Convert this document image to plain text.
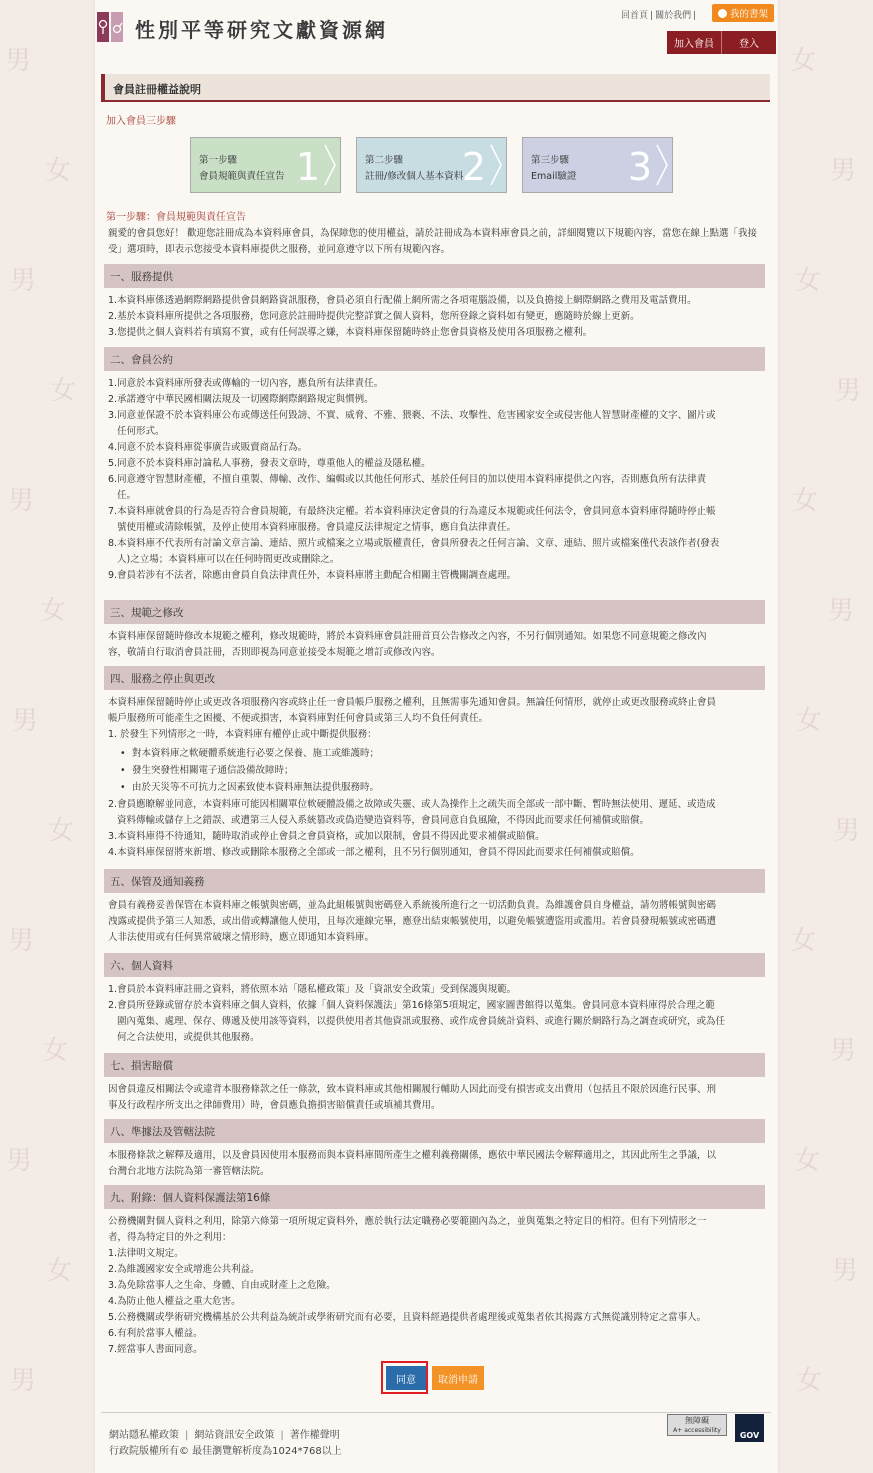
男
女
男
女
男
女
男
女
男
女
男
女
男
女
男
女
男
女
男
女
男
女
男
女
男
女
性別平等研究文獻資源網
回首頁 | 關於我們 |	我的書架
加入會員	登入
會員註冊權益說明
加入會員三步驟
第一步驟
會員規範與責任宣告 1	第二步驟
註冊/修改個人基本資料
2	第三步驟
Email驗證 3
第一步驟：會員規範與責任宣告
親愛的會員您好！ 歡迎您註冊成為本資料庫會員，為保障您的使用權益，請於註冊成為本資料庫會員之前，詳細閱覽以下規範內容，當您在線上點選「我接受」選項時，即表示您接受本資料庫提供之服務，並同意遵守以下所有規範內容。
一、服務提供
1.本資料庫係透過網際網路提供會員網路資訊服務，會員必須自行配備上網所需之各項電腦設備，以及負擔接上網際網路之費用及電話費用。
2.基於本資料庫所提供之各項服務，您同意於註冊時提供完整詳實之個人資料，您所登錄之資料如有變更，應隨時於線上更新。
3.您提供之個人資料若有填寫不實，或有任何誤導之嫌，本資料庫保留隨時終止您會員資格及使用各項服務之權利。
二、會員公約
1.同意於本資料庫所發表或傳輸的一切內容，應負所有法律責任。
2.承諾遵守中華民國相關法規及一切國際網際網路規定與慣例。
3.同意並保證不於本資料庫公布或傳送任何毀謗、不實、威脅、不雅、猥褻、不法、攻擊性、危害國家安全或侵害他人智慧財產權的文字、圖片或
任何形式。
4.同意不於本資料庫從事廣告或販賣商品行為。
5.同意不於本資料庫討論私人事務，發表文章時，尊重他人的權益及隱私權。
6.同意遵守智慧財產權，不擅自重製、傳輸、改作、編輯或以其他任何形式、基於任何目的加以使用本資料庫提供之內容，否則應負所有法律責
任。
7.本資料庫就會員的行為是否符合會員規範，有最終決定權。若本資料庫決定會員的行為違反本規範或任何法令，會員同意本資料庫得隨時停止帳
號使用權或清除帳號，及停止使用本資料庫服務。會員違反法律規定之情事，應自負法律責任。
8.本資料庫不代表所有討論文章言論、連結、照片或檔案之立場或版權責任，會員所發表之任何言論、文章、連結、照片或檔案僅代表該作者(發表
人)之立場；本資料庫可以在任何時間更改或刪除之。
9.會員若涉有不法者，除應由會員自負法律責任外，本資料庫將主動配合相關主管機關調查處理。
三、規範之修改
本資料庫保留隨時修改本規範之權利，修改規範時，將於本資料庫會員註冊首頁公告修改之內容，不另行個別通知。如果您不同意規範之修改內
容，敬請自行取消會員註冊，否則即視為同意並接受本規範之增訂或修改內容。
四、服務之停止與更改
本資料庫保留隨時停止或更改各項服務內容或終止任一會員帳戶服務之權利，且無需事先通知會員。無論任何情形，就停止或更改服務或終止會員
帳戶服務所可能產生之困擾、不便或損害，本資料庫對任何會員或第三人均不負任何責任。
1. 於發生下列情形之一時，本資料庫有權停止或中斷提供服務：
• 對本資料庫之軟硬體系統進行必要之保養、施工或維護時；
• 發生突發性相關電子通信設備故障時；
• 由於天災等不可抗力之因素致使本資料庫無法提供服務時。
2.會員應瞭解並同意，本資料庫可能因相關單位軟硬體設備之故障或失靈、或人為操作上之疏失而全部或一部中斷、暫時無法使用、遲延、或造成
資料傳輸或儲存上之錯誤、或遭第三人侵入系統篡改或偽造變造資料等，會員同意自負風險，不得因此而要求任何補償或賠償。
3.本資料庫得不待通知，隨時取消或停止會員之會員資格，或加以限制，會員不得因此要求補償或賠償。
4.本資料庫保留將來新增、修改或刪除本服務之全部或一部之權利，且不另行個別通知，會員不得因此而要求任何補償或賠償。
五、保管及通知義務
會員有義務妥善保管在本資料庫之帳號與密碼，並為此組帳號與密碼登入系統後所進行之一切活動負責。為維護會員自身權益，請勿將帳號與密碼
洩露或提供予第三人知悉，或出借或轉讓他人使用，且每次連線完畢，應登出結束帳號使用，以避免帳號遭盜用或濫用。若會員發現帳號或密碼遭
人非法使用或有任何異常破壞之情形時，應立即通知本資料庫。
六、個人資料
1.會員於本資料庫註冊之資料，將依照本站「隱私權政策」及「資訊安全政策」受到保護與規範。
2.會員所登錄或留存於本資料庫之個人資料，依據「個人資料保護法」第16條第5項規定，國家圖書館得以蒐集。會員同意本資料庫得於合理之範
圍內蒐集、處理、保存、傳遞及使用該等資料，以提供使用者其他資訊或服務、或作成會員統計資料、或進行關於網路行為之調查或研究，或為任
何之合法使用，或提供其他服務。
七、損害賠償
因會員違反相關法令或違背本服務條款之任一條款，致本資料庫或其他相關履行輔助人因此而受有損害或支出費用（包括且不限於因進行民事、刑
事及行政程序所支出之律師費用）時，會員應負擔損害賠償責任或填補其費用。
八、準據法及管轄法院
本服務條款之解釋及適用，以及會員因使用本服務而與本資料庫間所產生之權利義務關係，應依中華民國法令解釋適用之，其因此所生之爭議，以
台灣台北地方法院為第一審管轄法院。
九、附錄：個人資料保護法第16條
公務機關對個人資料之利用，除第六條第一項所規定資料外，應於執行法定職務必要範圍內為之，並與蒐集之特定目的相符。但有下列情形之一
者，得為特定目的外之利用：
1.法律明文規定。
2.為維護國家安全或增進公共利益。
3.為免除當事人之生命、身體、自由或財產上之危險。
4.為防止他人權益之重大危害。
5.公務機關或學術研究機構基於公共利益為統計或學術研究而有必要，且資料經過提供者處理後或蒐集者依其揭露方式無從識別特定之當事人。
6.有利於當事人權益。
7.經當事人書面同意。
同意	取消申請
網站隱私權政策 | 網站資訊安全政策 | 著作權聲明
行政院版權所有© 最佳瀏覽解析度為1024*768以上
無障礙
A+ accessibility
GOV
